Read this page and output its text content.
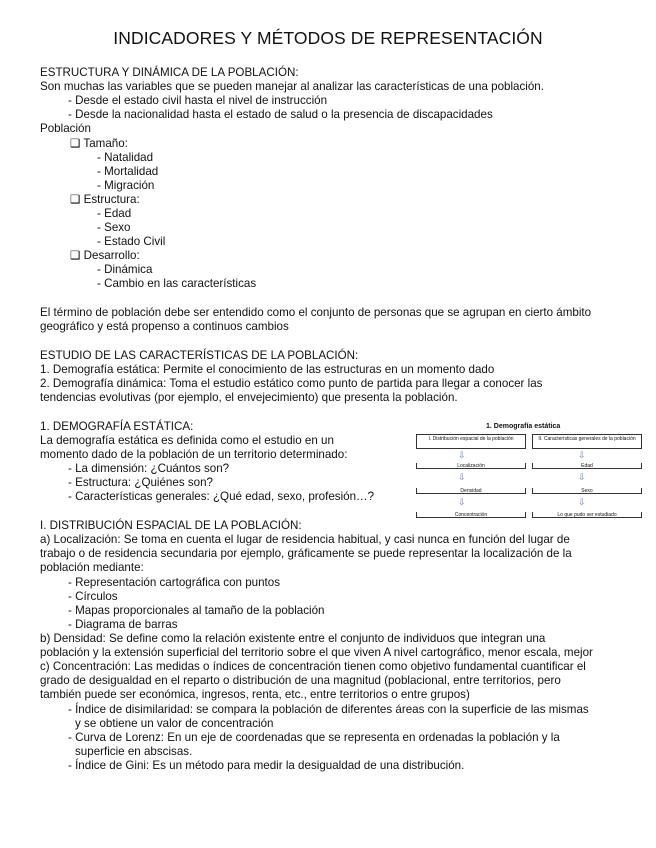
INDICADORES Y MÉTODOS DE REPRESENTACIÓN
ESTRUCTURA Y DINÁMICA DE LA POBLACIÓN:
Son muchas las variables que se pueden manejar al analizar las características de una población.
- Desde el estado civil hasta el nivel de instrucción
- Desde la nacionalidad hasta el estado de salud o la presencia de discapacidades
Población
❑ Tamaño:
- Natalidad
- Mortalidad
- Migración
❑ Estructura:
- Edad
- Sexo
- Estado Civil
❑ Desarrollo:
- Dinámica
- Cambio en las características
El término de población debe ser entendido como el conjunto de personas que se agrupan en cierto ámbito
geográfico y está propenso a continuos cambios
ESTUDIO DE LAS CARACTERÍSTICAS DE LA POBLACIÓN:
1. Demografía estática: Permite el conocimiento de las estructuras en un momento dado
2. Demografía dinámica: Toma el estudio estático como punto de partida para llegar a conocer las
tendencias evolutivas (por ejemplo, el envejecimiento) que presenta la población.
1. DEMOGRAFÍA ESTÁTICA:
La demografía estática es definida como el estudio en un
momento dado de la población de un territorio determinado:
- La dimensión: ¿Cuántos son?
- Estructura: ¿Quiénes son?
- Características generales: ¿Qué edad, sexo, profesión…?
1. Demografía estática
I. Distribución espacial de la población	II. Características generales de la población
⇩	⇩
Localización	Edad
⇩	⇩
Densidad	Sexo
⇩	⇩
Concentración	Lo que pudo ser estudiado
I. DISTRIBUCIÓN ESPACIAL DE LA POBLACIÓN:
a) Localización: Se toma en cuenta el lugar de residencia habitual, y casi nunca en función del lugar de
trabajo o de residencia secundaria por ejemplo, gráficamente se puede representar la localización de la
población mediante:
- Representación cartográfica con puntos
- Círculos
- Mapas proporcionales al tamaño de la población
- Diagrama de barras
b) Densidad: Se define como la relación existente entre el conjunto de individuos que integran una
población y la extensión superficial del territorio sobre el que viven A nivel cartográfico, menor escala, mejor
c) Concentración: Las medidas o índices de concentración tienen como objetivo fundamental cuantificar el
grado de desigualdad en el reparto o distribución de una magnitud (poblacional, entre territorios, pero
también puede ser económica, ingresos, renta, etc., entre territorios o entre grupos)
- Índice de disimilaridad: se compara la población de diferentes áreas con la superficie de las mismas
y se obtiene un valor de concentración
- Curva de Lorenz: En un eje de coordenadas que se representa en ordenadas la población y la
superficie en abscisas.
- Índice de Gini: Es un método para medir la desigualdad de una distribución.
